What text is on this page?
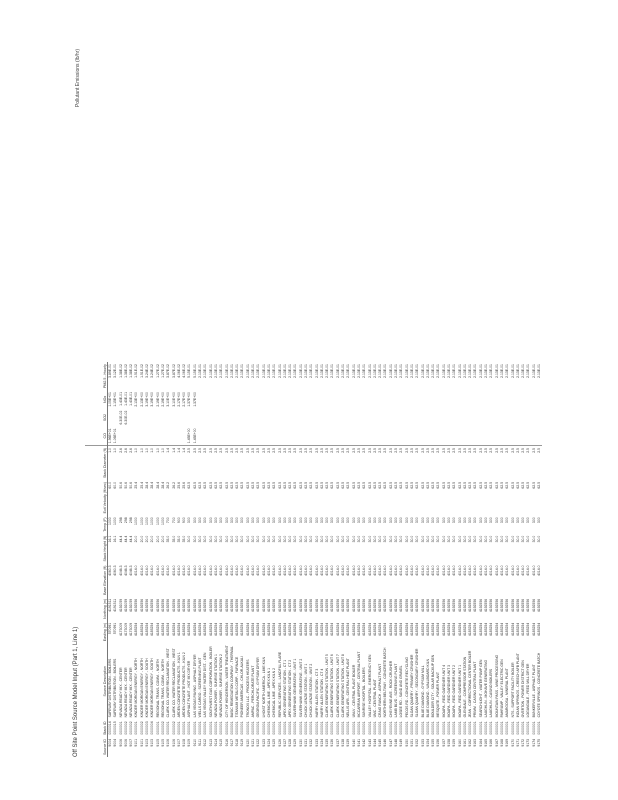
Off Site Point Source Model Input (Part 1, Line 1)
Pollutant Emissions (lb/hr)
Source ID	Stack ID	Source Description	Easting (m)	Northing (m)	Base Elevation (ft)	Stack Height (ft)	Temp (F)	Exit Velocity (ft/sec)	Stack Diameter (ft)	CO	SO2	NOx	PM2.5 - Hourly
9004	0000014	SAFEWAY DISTRIBUTION - BOILERS	570991	4191511	4060.3	16.1	1000	60.0	1.0	1.96E+01		1.05E+01	3.89E-01
9004	0000015	SAFEWAY DISTRIBUTION - BOILERS	570991	4191511	4060.3	16.1	1000	60.0	1.0	1.06E+01		1.15E+01	3.12E-01
9006	0000001	NEVADA READY MIX - CENTER	4173009	4192059	4046.3	44.4	298	50.6	2.6		6.30E-02	1.43E-01	1.38E-02
9006	0000002	NEVADA READY MIX - CENTER	4173009	4192059	4046.3	44.4	298	50.6	2.6		6.30E-02	1.43E-01	1.38E-02
9007	0000002	NEVADA READY MIX - CENTER	4173009	4192059	4046.3	44.4	298	50.6	2.6			1.43E-01	1.38E-02
9101	0000001	KINDER MORGAN ENERGY - NORTH	4185254	4192556	4014.0	20.0	1000	25.4	1.0			2.13E+00	1.51E-02
9101	0000002	KINDER MORGAN ENERGY - NORTH	4185254	4192556	4014.0	20.0	1000	25.4	1.0			2.13E+00	1.51E-02
9103	0000003	KINDER MORGAN ENERGY - SOUTH	4185254	4192556	4014.0	20.0	1000	28.4	1.0			3.19E+00	3.24E-02
9103	0000004	KINDER MORGAN ENERGY - SOUTH	4185254	4192556	4014.0	20.0	1000	28.4	1.0			3.19E+00	3.24E-02
9105	0000001	REGIONAL TRANS. COMM. - NORTH	4185254	4192556	4014.0	20.0	1000	28.4	1.0			2.19E+00	1.27E-02
9105	0000002	REGIONAL TRANS. COMM. - NORTH	4185254	4192556	4014.0	20.0	1000	28.4	1.0			2.19E+00	1.27E-02
9106	0000001	CLARK CO. WATER RECLAMATION - WEST	4185254	4192556	4014.0	35.0	700	26.2	1.4			3.10E+00	3.87E-02
9106	0000002	CLARK CO. WATER RECLAMATION - WEST	4185254	4192556	4014.0	35.0	700	26.2	1.4			3.10E+00	3.87E-02
9107	0000001	ARDEN CONCRETE PRODUCTS - KILN 1	4185254	4192556	4014.0	35.0	900	25.6	1.4			2.17E+00	4.06E-02
9108	0000001	ARDEN CONCRETE PRODUCTS - KILN 2	4185254	4192556	4014.0	35.0	900	25.6	1.4			2.17E+00	4.06E-02
9109	0000001	ASPHALT PLANT - HOT MIX DRYER	4185254	4192556	4014.0	30.0	300	62.5	2.5	1.45E+00		1.37E+00	5.15E-01
9110	0000001	LAS VEGAS PAVING - ASPHALT DRYER	4185254	4192556	4014.0	30.0	300	62.5	2.5	1.45E+00		1.37E+00	5.15E-01
9111	0000001	WELLS CARGO - SCREENING PLANT	4185254	4192556	4014.0	30.0	300	62.5	2.5				2.13E-01
9112	0000001	LAS VEGAS VALLEY WATER DIST. - GEN	4185254	4192556	4014.0	30.0	300	62.5	2.5				2.13E-01
9113	0000001	SOUTHWEST GAS CORPORATION - BOILER	4185254	4192556	4014.0	30.0	300	62.5	2.5				2.13E-01
9114	0000001	NEVADA POWER - SUNRISE STATION 1	4185254	4192556	4014.0	30.0	300	62.5	2.5				2.13E-01
9115	0000001	NEVADA POWER - SUNRISE STATION 2	4185254	4192556	4014.0	30.0	300	62.5	2.5				2.13E-01
9116	0000001	CITY OF HENDERSON - WATER TREATMENT	4185254	4192556	4014.0	30.0	300	62.5	2.5				2.13E-01
9117	0000001	BASIC REMEDIATION COMPANY - THERMAL	4185254	4192556	4014.0	30.0	300	62.5	2.5				2.13E-01
9118	0000001	TITANIUM METALS CORP. - FURNACE	4185254	4192556	4014.0	30.0	300	62.5	2.5				2.13E-01
9119	0000001	PIONEER AMERICAS - CHLOR-ALKALI	4185254	4192556	4014.0	30.0	300	62.5	2.5				2.13E-01
9120	0000001	TRONOX LLC - PROCESS HEATERS	4185254	4192556	4014.0	30.0	300	62.5	2.5				2.13E-01
9121	0000001	AMPAC - PERCHLORATE PLANT	4185254	4192556	4014.0	30.0	300	62.5	2.5				2.13E-01
9122	0000001	GEORGIA PACIFIC - GYPSUM DRYER	4185254	4192556	4014.0	30.0	300	62.5	2.5				2.13E-01
9123	0000001	LHOIST NORTH AMERICA - LIME KILN	4185254	4192556	4014.0	30.0	300	62.5	2.5				2.13E-01
9124	0000001	CHEMICAL LIME - APEX KILN 1	4185254	4192556	4014.0	30.0	300	62.5	2.5				2.13E-01
9125	0000001	CHEMICAL LIME - APEX KILN 2	4185254	4192556	4014.0	30.0	300	62.5	2.5				2.13E-01
9126	0000001	REPUBLIC SERVICES - LANDFILL FLARE	4185254	4192556	4014.0	30.0	300	62.5	2.5				2.13E-01
9127	0000001	APEX GENERATING STATION - CT 1	4185254	4192556	4014.0	30.0	300	62.5	2.5				2.13E-01
9128	0000001	APEX GENERATING STATION - CT 2	4185254	4192556	4014.0	30.0	300	62.5	2.5				2.13E-01
9129	0000001	SILVERHAWK GENERATING - UNIT 1	4185254	4192556	4014.0	30.0	300	62.5	2.5				2.13E-01
9130	0000001	SILVERHAWK GENERATING - UNIT 2	4185254	4192556	4014.0	30.0	300	62.5	2.5				2.13E-01
9131	0000001	CHUCK LENZIE STATION - UNIT 1	4185254	4192556	4014.0	30.0	300	62.5	2.5				2.13E-01
9132	0000001	CHUCK LENZIE STATION - UNIT 2	4185254	4192556	4014.0	30.0	300	62.5	2.5				2.13E-01
9133	0000001	HARRY ALLEN STATION - CT 3	4185254	4192556	4014.0	30.0	300	62.5	2.5				2.13E-01
9134	0000001	HARRY ALLEN STATION - CT 4	4185254	4192556	4014.0	30.0	300	62.5	2.5				2.13E-01
9135	0000001	CLARK GENERATING STATION - UNIT 5	4185254	4192556	4014.0	30.0	300	62.5	2.5				2.13E-01
9136	0000001	CLARK GENERATING STATION - UNIT 6	4185254	4192556	4014.0	30.0	300	62.5	2.5				2.13E-01
9137	0000001	CLARK GENERATING STATION - UNIT 7	4185254	4192556	4014.0	30.0	300	62.5	2.5				2.13E-01
9138	0000001	CLARK GENERATING STATION - UNIT 8	4185254	4192556	4014.0	30.0	300	62.5	2.5				2.13E-01
9139	0000001	NELLIS AFB - CENTRAL HEAT PLANT	4185254	4192556	4014.0	30.0	300	62.5	2.5				2.13E-01
9140	0000001	UNLV - CENTRAL PLANT BOILER	4185254	4192556	4014.0	30.0	300	62.5	2.5				2.13E-01
9141	0000001	MCCARRAN AIRPORT - CENTRAL PLANT	4185254	4192556	4014.0	30.0	300	62.5	2.5				2.13E-01
9142	0000001	SUNRISE HOSPITAL - BOILERS	4185254	4192556	4014.0	30.0	300	62.5	2.5				2.13E-01
9143	0000001	VALLEY HOSPITAL - EMERGENCY GEN	4185254	4192556	4014.0	30.0	300	62.5	2.5				2.13E-01
9144	0000001	UMC - CENTRAL PLANT	4185254	4192556	4014.0	30.0	300	62.5	2.5				2.13E-01
9145	0000001	CRAIG RANCH - ASPHALT PLANT	4185254	4192556	4014.0	30.0	300	62.5	2.5				2.13E-01
9146	0000001	NORTHERN BELTWAY - CONCRETE BATCH	4185254	4192556	4014.0	30.0	300	62.5	2.5				2.13E-01
9147	0000001	CHEYENNE AVE - ROCK CRUSHER	4185254	4192556	4014.0	30.0	300	62.5	2.5				2.13E-01
9148	0000001	LAMB BLVD - SCREENING PLANT	4185254	4192556	4014.0	30.0	300	62.5	2.5				2.13E-01
9149	0000001	LOSEE RD - SAND AND GRAVEL	4185254	4192556	4014.0	30.0	300	62.5	2.5				2.13E-01
9150	0000001	PECOS RD - CONCRETE RECYCLING	4185254	4192556	4014.0	30.0	300	62.5	2.5				2.13E-01
9151	0000001	SLOAN QUARRY - PRIMARY CRUSHER	4185254	4192556	4014.0	30.0	300	62.5	2.5				2.13E-01
9152	0000001	SLOAN QUARRY - SECONDARY CRUSHER	4185254	4192556	4014.0	30.0	300	62.5	2.5				2.13E-01
9153	0000001	BLUE DIAMOND - GYPSUM MILL	4185254	4192556	4014.0	30.0	300	62.5	2.5				2.13E-01
9154	0000001	BLUE DIAMOND - WALLBOARD KILN	4185254	4192556	4014.0	30.0	300	62.5	2.5				2.13E-01
9155	0000001	BOULDER CITY - SOLAR BACKUP GEN	4185254	4192556	4014.0	30.0	300	62.5	2.5				2.13E-01
9156	0000001	MESQUITE - POWER PLANT	4185254	4192556	4014.0	30.0	300	62.5	2.5				2.13E-01
9157	0000001	MOAPA - REID GARDNER UNIT 4	4185254	4192556	4014.0	30.0	300	62.5	2.5				2.13E-01
9158	0000001	MOAPA - REID GARDNER UNIT 3	4185254	4192556	4014.0	30.0	300	62.5	2.5				2.13E-01
9159	0000001	MOAPA - REID GARDNER UNIT 2	4185254	4192556	4014.0	30.0	300	62.5	2.5				2.13E-01
9160	0000001	MOAPA - REID GARDNER UNIT 1	4185254	4192556	4014.0	30.0	300	62.5	2.5				2.13E-01
9161	0000001	GLENDALE - COMPRESSOR STATION	4185254	4192556	4014.0	30.0	300	62.5	2.5				2.13E-01
9162	0000001	JEAN - CORRECTIONAL CENTER BOILER	4185254	4192556	4014.0	30.0	300	62.5	2.5				2.13E-01
9163	0000001	PRIMM - CASINO CENTRAL PLANT	4185254	4192556	4014.0	30.0	300	62.5	2.5				2.13E-01
9164	0000001	SEARCHLIGHT - WATER PUMP GEN	4185254	4192556	4014.0	30.0	300	62.5	2.5				2.13E-01
9165	0000001	LAUGHLIN - MOHAVE GENERATING	4185254	4192556	4014.0	30.0	300	62.5	2.5				2.13E-01
9166	0000001	LAUGHLIN - CASINO BOILERS	4185254	4192556	4014.0	30.0	300	62.5	2.5				2.13E-01
9167	0000001	MOUNTAIN PASS - MINE PROCESSING	4185254	4192556	4014.0	30.0	300	62.5	2.5				2.13E-01
9168	0000001	PAHRUMP - VALLEY ELECTRIC GEN	4185254	4192556	4014.0	30.0	300	62.5	2.5				2.13E-01
9169	0000001	AMARGOSA - MINERAL PLANT	4185254	4192556	4014.0	30.0	300	62.5	2.5				2.13E-01
9170	0000001	NTS - SUPPORT FACILITY BOILER	4185254	4192556	4014.0	30.0	300	62.5	2.5				2.13E-01
9171	0000001	INDIAN SPRINGS - CREECH AFB PLANT	4185254	4192556	4014.0	30.0	300	62.5	2.5				2.13E-01
9172	0000001	OVERTON - POWER DISTRICT GEN	4185254	4192556	4014.0	30.0	300	62.5	2.5				2.13E-01
9173	0000001	LOGANDALE - FEED MILL DRYER	4185254	4192556	4014.0	30.0	300	62.5	2.5				2.13E-01
9174	0000001	BUNKERVILLE - ASPHALT PLANT	4185254	4192556	4014.0	30.0	300	62.5	2.5				2.13E-01
9175	0000001	COYOTE SPRINGS - CONCRETE BATCH	4185254	4192556	4014.0	30.0	300	62.5	2.5				2.13E-01
